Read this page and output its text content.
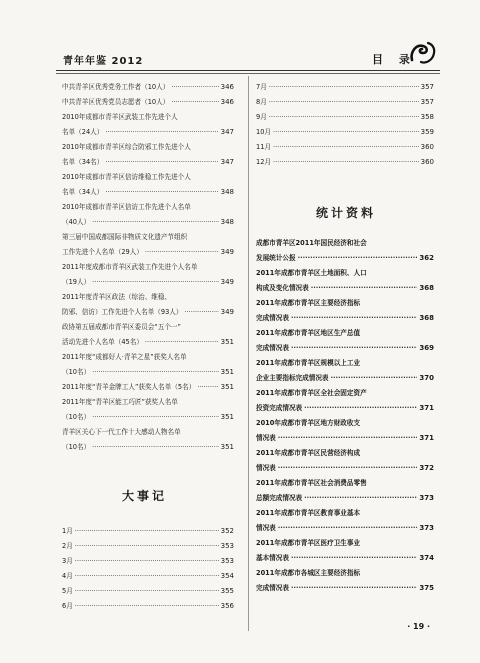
青年年鉴 2012	目 录
中共青羊区优秀党务工作者（10人） ·····	346
中共青羊区优秀党员志愿者（10人） ·····	346
2010年成都市青羊区武装工作先进个人
名单（24人） ·····	347
2010年成都市青羊区综合防邪工作先进个人
名单（34名） ·····	347
2010年成都市青羊区信访维稳工作先进个人
名单（34人） ·····	348
2010年成都市青羊区信访工作先进个人名单
（40人） ·····	348
第三届中国成都国际非物质文化遗产节组织
工作先进个人名单（29人） ·····	349
2011年度成都市青羊区武装工作先进个人名单
（19人） ·····	349
2011年度青羊区政法（综治、维稳、
防邪、信访）工作先进个人名单（93人） ·····	349
政协第五届成都市青羊区委员会“五个一”
活动先进个人名单（45名） ·····	351
2011年度“成都好人·青羊之星”获奖人名单
（10名） ·····	351
2011年度“青羊金牌工人”获奖人名单（5名） ·····	351
2011年度“青羊区能工巧匠”获奖人名单
（10名） ·····	351
青羊区关心下一代工作十大感动人物名单
（10名） ·····	351
大事记
1月 ·····	352
2月 ·····	353
3月 ·····	353
4月 ·····	354
5月 ·····	355
6月 ·····	356
7月 ·····	357
8月 ·····	357
9月 ·····	358
10月 ·····	359
11月 ·····	360
12月 ·····	360
统计资料
成都市青羊区2011年国民经济和社会
发展统计公报 ·····	362
2011年成都市青羊区土地面积、人口
构成及变化情况表 ·····	368
2011年成都市青羊区主要经济指标
完成情况表 ·····	368
2011年成都市青羊区地区生产总值
完成情况表 ·····	369
2011年成都市青羊区规模以上工业
企业主要指标完成情况表 ·····	370
2011年成都市青羊区全社会固定资产
投资完成情况表 ·····	371
2010年成都市青羊区地方财政收支
情况表 ·····	371
2011年成都市青羊区民营经济构成
情况表 ·····	372
2011年成都市青羊区社会消费品零售
总额完成情况表 ·····	373
2011年成都市青羊区教育事业基本
情况表 ·····	373
2011年成都市青羊区医疗卫生事业
基本情况表 ·····	374
2011年成都市各城区主要经济指标
完成情况表 ·····	375
· 19 ·
